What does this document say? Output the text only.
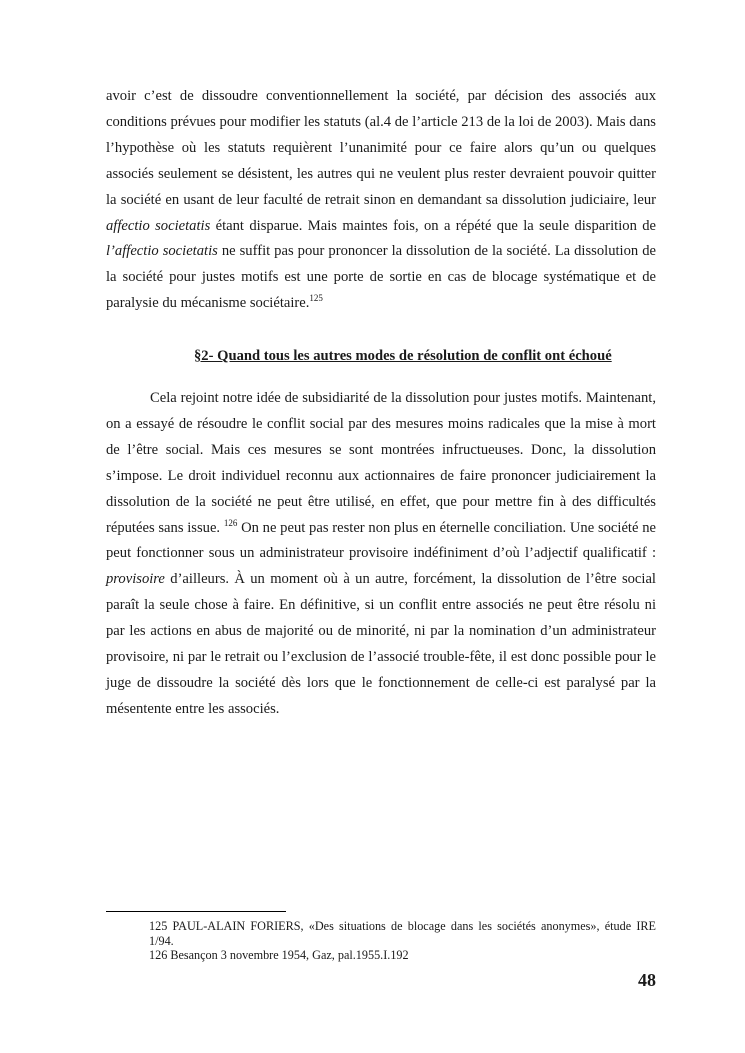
avoir c’est de dissoudre conventionnellement la société, par décision des associés aux conditions prévues pour modifier les statuts (al.4 de l’article 213 de la loi de 2003). Mais dans l’hypothèse où les statuts requièrent l’unanimité pour ce faire alors qu’un ou quelques associés seulement se désistent, les autres qui ne veulent plus rester devraient pouvoir quitter la société en usant de leur faculté de retrait sinon en demandant sa dissolution judiciaire, leur affectio societatis étant disparue. Mais maintes fois, on a répété que la seule disparition de l’affectio societatis ne suffit pas pour prononcer la dissolution de la société. La dissolution de la société pour justes motifs est une porte de sortie en cas de blocage systématique et de paralysie du mécanisme sociétaire.$^{125}$

§2- Quand tous les autres modes de résolution de conflit ont échoué

Cela rejoint notre idée de subsidiarité de la dissolution pour justes motifs. Maintenant, on a essayé de résoudre le conflit social par des mesures moins radicales que la mise à mort de l’être social. Mais ces mesures se sont montrées infructueuses. Donc, la dissolution s’impose. Le droit individuel reconnu aux actionnaires de faire prononcer judiciairement la dissolution de la société ne peut être utilisé, en effet, que pour mettre fin à des difficultés réputées sans issue. $^{126}$ On ne peut pas rester non plus en éternelle conciliation. Une société ne peut fonctionner sous un administrateur provisoire indéfiniment d’où l’adjectif qualificatif : provisoire d’ailleurs. À un moment où à un autre, forcément, la dissolution de l’être social paraît la seule chose à faire. En définitive, si un conflit entre associés ne peut être résolu ni par les actions en abus de majorité ou de minorité, ni par la nomination d’un administrateur provisoire, ni par le retrait ou l’exclusion de l’associé trouble-fête, il est donc possible pour le juge de dissoudre la société dès lors que le fonctionnement de celle-ci est paralysé par la mésentente entre les associés.

125 PAUL-ALAIN FORIERS, «Des situations de blocage dans les sociétés anonymes», étude IRE 1/94.

126 Besançon 3 novembre 1954, Gaz, pal.1955.I.192

48
